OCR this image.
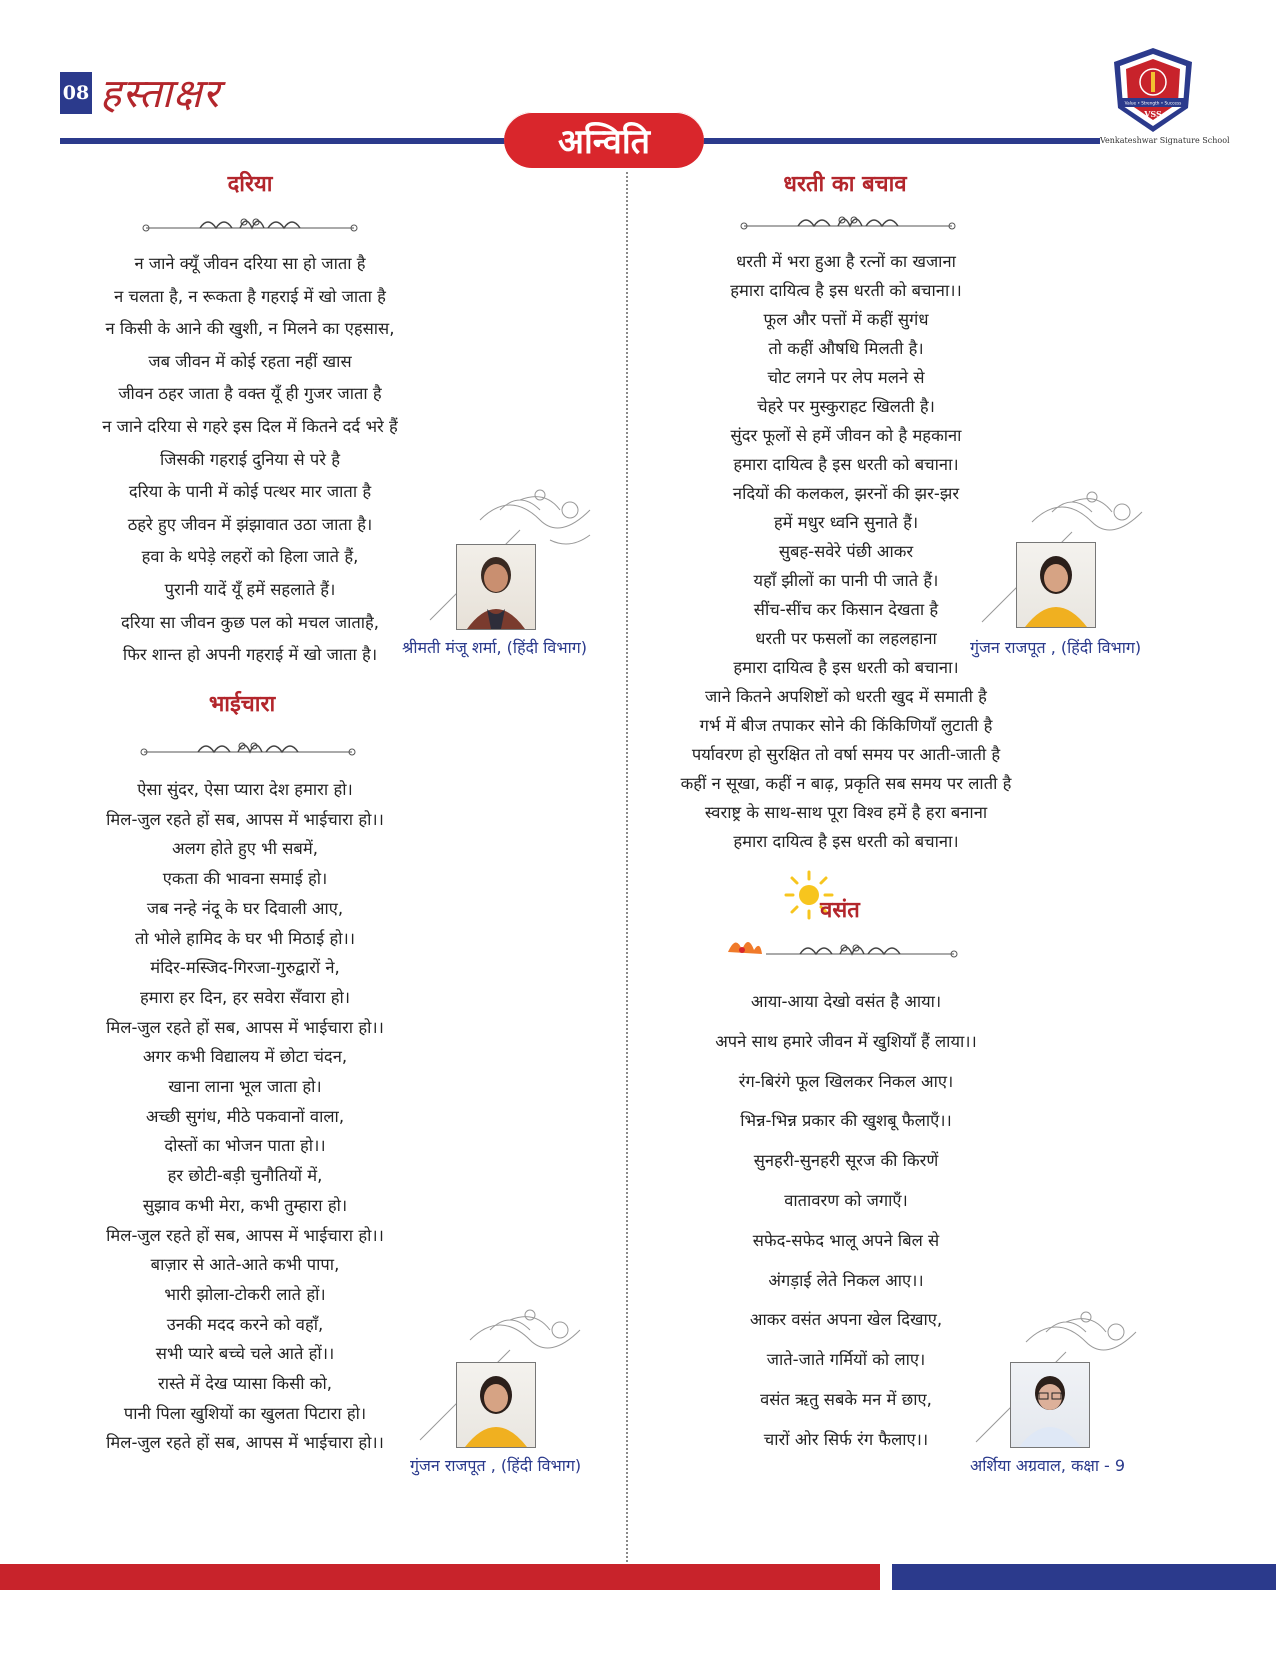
08 हस्ताक्षर
अन्विति
Value • Strength • Success
VSS
Venkateshwar Signature School
दरिया
न जाने क्यूँ जीवन दरिया सा हो जाता है
न चलता है, न रूकता है गहराई में खो जाता है
न किसी के आने की खुशी, न मिलने का एहसास,
जब जीवन में कोई रहता नहीं खास
जीवन ठहर जाता है वक्त यूँ ही गुजर जाता है
न जाने दरिया से गहरे इस दिल में कितने दर्द भरे हैं
जिसकी गहराई दुनिया से परे है
दरिया के पानी में कोई पत्थर मार जाता है
ठहरे हुए जीवन में झंझावात उठा जाता है।
हवा के थपेड़े लहरों को हिला जाते हैं,
पुरानी यादें यूँ हमें सहलाते हैं।
दरिया सा जीवन कुछ पल को मचल जाताहै,
फिर शान्त हो अपनी गहराई में खो जाता है।	श्रीमती मंजू शर्मा, (हिंदी विभाग)
भाईचारा
ऐसा सुंदर, ऐसा प्यारा देश हमारा हो।
मिल-जुल रहते हों सब, आपस में भाईचारा हो।।
अलग होते हुए भी सबमें,
एकता की भावना समाई हो।
जब नन्हे नंदू के घर दिवाली आए,
तो भोले हामिद के घर भी मिठाई हो।।
मंदिर-मस्जिद-गिरजा-गुरुद्वारों ने,
हमारा हर दिन, हर सवेरा सँवारा हो।
मिल-जुल रहते हों सब, आपस में भाईचारा हो।।
अगर कभी विद्यालय में छोटा चंदन,
खाना लाना भूल जाता हो।
अच्छी सुगंध, मीठे पकवानों वाला,
दोस्तों का भोजन पाता हो।।
हर छोटी-बड़ी चुनौतियों में,
सुझाव कभी मेरा, कभी तुम्हारा हो।
मिल-जुल रहते हों सब, आपस में भाईचारा हो।।
बाज़ार से आते-आते कभी पापा,
भारी झोला-टोकरी लाते हों।
उनकी मदद करने को वहाँ,
सभी प्यारे बच्चे चले आते हों।।
रास्ते में देख प्यासा किसी को,
पानी पिला खुशियों का खुलता पिटारा हो।
मिल-जुल रहते हों सब, आपस में भाईचारा हो।।
गुंजन राजपूत , (हिंदी विभाग)
धरती का बचाव
धरती में भरा हुआ है रत्नों का खजाना
हमारा दायित्व है इस धरती को बचाना।।
फूल और पत्तों में कहीं सुगंध
तो कहीं औषधि मिलती है।
चोट लगने पर लेप मलने से
चेहरे पर मुस्कुराहट खिलती है।
सुंदर फूलों से हमें जीवन को है महकाना
हमारा दायित्व है इस धरती को बचाना।
नदियों की कलकल, झरनों की झर-झर
हमें मधुर ध्वनि सुनाते हैं।
सुबह-सवेरे पंछी आकर
यहाँ झीलों का पानी पी जाते हैं।
सींच-सींच कर किसान देखता है
धरती पर फसलों का लहलहाना
हमारा दायित्व है इस धरती को बचाना।
जाने कितने अपशिष्टों को धरती खुद में समाती है
गर्भ में बीज तपाकर सोने की किंकिणियाँ लुटाती है
पर्यावरण हो सुरक्षित तो वर्षा समय पर आती-जाती है
कहीं न सूखा, कहीं न बाढ़, प्रकृति सब समय पर लाती है
स्वराष्ट्र के साथ-साथ पूरा विश्व हमें है हरा बनाना
हमारा दायित्व है इस धरती को बचाना।
गुंजन राजपूत , (हिंदी विभाग)
वसंत
आया-आया देखो वसंत है आया।
अपने साथ हमारे जीवन में खुशियाँ हैं लाया।।
रंग-बिरंगे फूल खिलकर निकल आए।
भिन्न-भिन्न प्रकार की खुशबू फैलाएँ।।
सुनहरी-सुनहरी सूरज की किरणें
वातावरण को जगाएँ।
सफेद-सफेद भालू अपने बिल से
अंगड़ाई लेते निकल आए।।
आकर वसंत अपना खेल दिखाए,
जाते-जाते गर्मियों को लाए।
वसंत ऋतु सबके मन में छाए,
चारों ओर सिर्फ रंग फैलाए।।
अर्शिया अग्रवाल, कक्षा - 9
